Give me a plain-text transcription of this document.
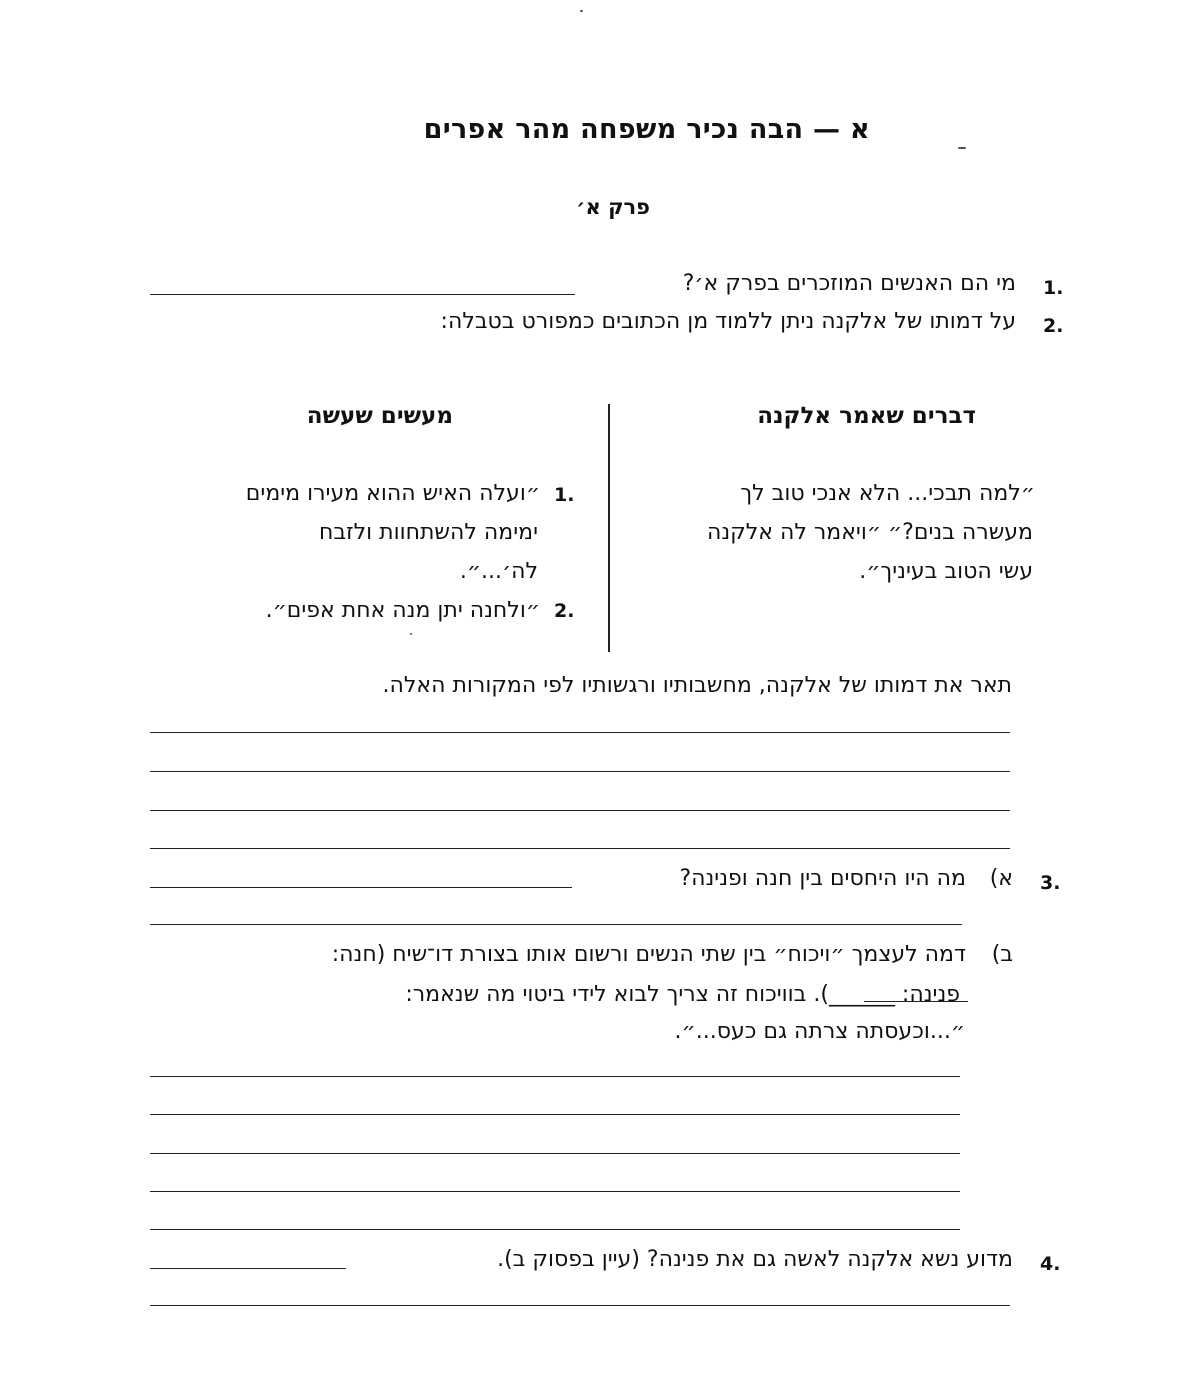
א — הבה נכיר משפחה מהר אפרים
פרק א׳
1.
מי הם האנשים המוזכרים בפרק א׳?
2.
על דמותו של אלקנה ניתן ללמוד מן הכתובים כמפורט בטבלה:
דברים שאמר אלקנה
מעשים שעשה
״למה תבכי... הלא אנכי טוב לך
מעשרה בנים?״ ״ויאמר לה אלקנה
עשי הטוב בעיניך״.
1.
״ועלה האיש ההוא מעירו מימים
ימימה להשתחוות ולזבח
לה׳...״.
2.
״ולחנה יתן מנה אחת אפים״.
תאר את דמותו של אלקנה, מחשבותיו ורגשותיו לפי המקורות האלה.
3.
א)
מה היו היחסים בין חנה ופנינה?
ב)
דמה לעצמך ״ויכוח״ בין שתי הנשים ורשום אותו בצורת דו־שיח (חנה:
פנינה: ______). בוויכוח זה צריך לבוא לידי ביטוי מה שנאמר:
״...וכעסתה צרתה גם כעס...״.
4.
מדוע נשא אלקנה לאשה גם את פנינה? (עיין בפסוק ב).
